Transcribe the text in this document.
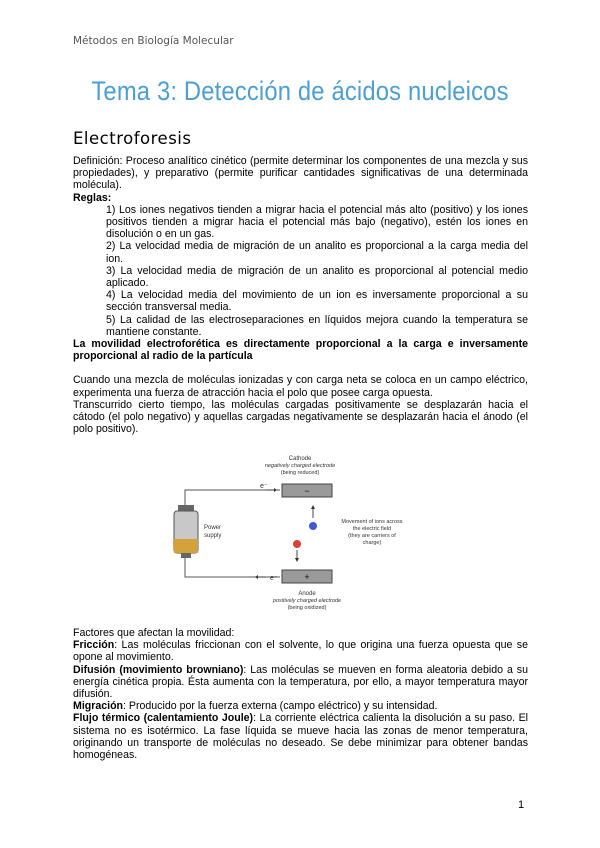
Métodos en Biología Molecular
Tema 3: Detección de ácidos nucleicos
Electroforesis

Definición: Proceso analítico cinético (permite determinar los componentes de una mezcla y sus propiedades), y preparativo (permite purificar cantidades significativas de una determinada molécula).

Reglas:

1) Los iones negativos tienden a migrar hacia el potencial más alto (positivo) y los iones positivos tienden a migrar hacia el potencial más bajo (negativo), estén los iones en disolución o en un gas.

2) La velocidad media de migración de un analito es proporcional a la carga media del ion.

3) La velocidad media de migración de un analito es proporcional al potencial medio aplicado.

4) La velocidad media del movimiento de un ion es inversamente proporcional a su sección transversal media.

5) La calidad de las electroseparaciones en líquidos mejora cuando la temperatura se mantiene constante.

La movilidad electroforética es directamente proporcional a la carga e inversamente proporcional al radio de la partícula

Cuando una mezcla de moléculas ionizadas y con carga neta se coloca en un campo eléctrico, experimenta una fuerza de atracción hacia el polo que posee carga opuesta.

Transcurrido cierto tiempo, las moléculas cargadas positivamente se desplazarán hacia el cátodo (el polo negativo) y aquellas cargadas negativamente se desplazarán hacia el ánodo (el polo positivo).

Cathode
negatively charged electrode
(being reduced)
e⁻
e⁻
Power
supply
−
+
Movement of ions across
the electric field
(they are carriers of
charge)
Anode
positively charged electrode
(being oxidized)

Factores que afectan la movilidad:

Fricción: Las moléculas friccionan con el solvente, lo que origina una fuerza opuesta que se opone al movimiento.

Difusión (movimiento browniano): Las moléculas se mueven en forma aleatoria debido a su energía cinética propia. Ésta aumenta con la temperatura, por ello, a mayor temperatura mayor difusión.

Migración: Producido por la fuerza externa (campo eléctrico) y su intensidad.

Flujo térmico (calentamiento Joule): La corriente eléctrica calienta la disolución a su paso. El sistema no es isotérmico. La fase líquida se mueve hacia las zonas de menor temperatura, originando un transporte de moléculas no deseado. Se debe minimizar para obtener bandas homogéneas.

1
